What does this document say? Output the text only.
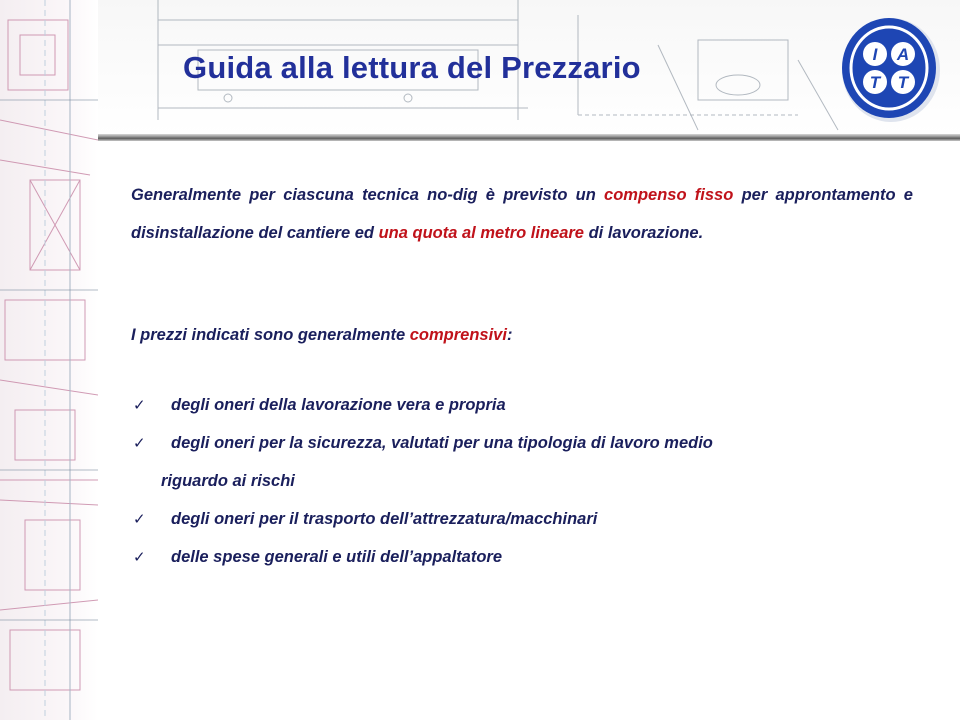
Guida alla lettura del Prezzario	I A
T T

Generalmente per ciascuna tecnica no-dig è previsto un compenso fisso per approntamento e disinstallazione del cantiere ed una quota al metro lineare di lavorazione.

I prezzi indicati sono generalmente comprensivi:

✓ degli oneri della lavorazione vera e propria
✓ degli oneri per la sicurezza, valutati per una tipologia di lavoro medio
riguardo ai rischi
✓ degli oneri per il trasporto dell’attrezzatura/macchinari
✓ delle spese generali e utili dell’appaltatore
